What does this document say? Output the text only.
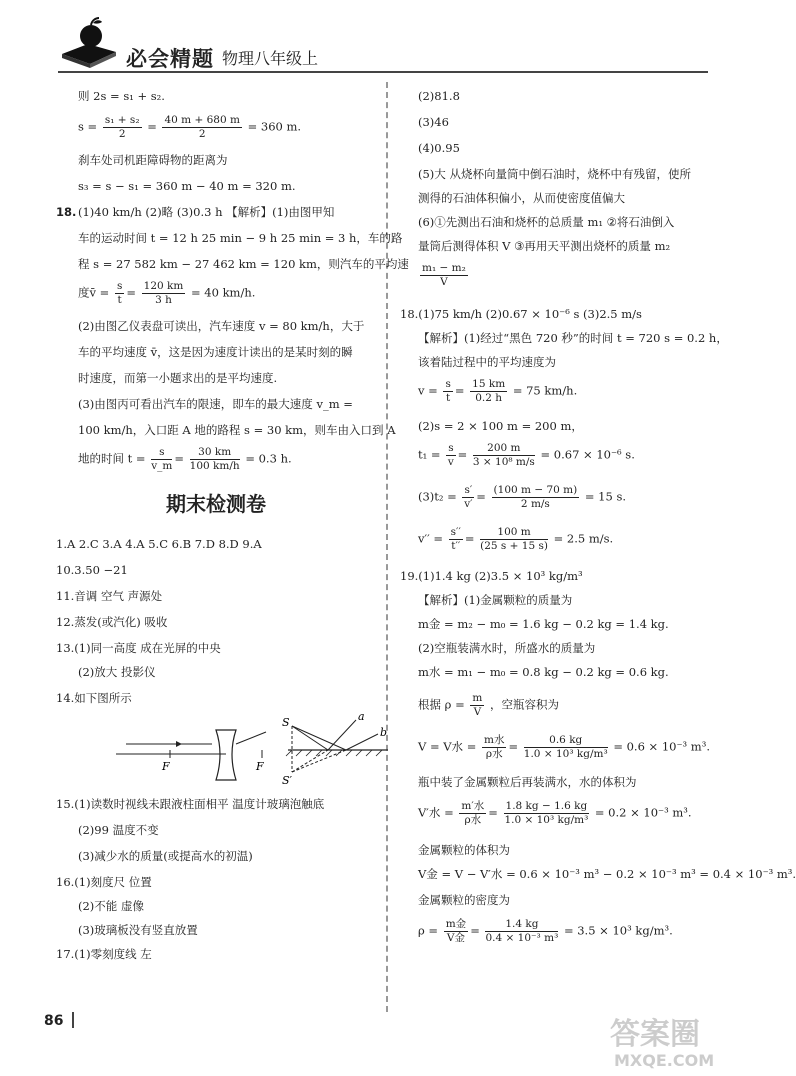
必会精题 物理八年级上
则 2s = s₁ + s₂.
$s = \frac{\text{s₁ + s₂}}{2} = \frac{40 m + 680 m}{2} = 360$ m.
刹车处司机距障碍物的距离为
s₃ = s − s₁ = 360 m − 40 m = 320 m.
18. (1)40 km/h (2)略 (3)0.3 h 【解析】(1)由图甲知
车的运动时间 t = 12 h 25 min − 9 h 25 min = 3 h，车的路
程 s = 27 582 km − 27 462 km = 120 km，则汽车的平均速
度v̄ = $\frac{s}{t} = \frac{120 km}{3 h} = 40$ km/h.
(2)由图乙仪表盘可读出，汽车速度 v = 80 km/h，大于
车的平均速度 v̄，这是因为速度计读出的是某时刻的瞬
时速度，而第一小题求出的是平均速度.
(3)由图丙可看出汽车的限速，即车的最大速度 v_m =
100 km/h，入口距 A 地的路程 s = 30 km，则车由入口到 A
地的时间 $t = \frac{s}{v\_m} = \frac{30 km}{100 km/h} = 0.3$ h.
期末检测卷
1.A 2.C 3.A 4.A 5.C 6.B 7.D 8.D 9.A
10.3.50 −21
11.音调 空气 声源处
12.蒸发(或汽化) 吸收
13.(1)同一高度 成在光屏的中央
(2)放大 投影仪
14.如下图所示
F	F
S
S′
a
b
15.(1)读数时视线未跟液柱面相平 温度计玻璃泡触底
(2)99 温度不变
(3)减少水的质量(或提高水的初温)
16.(1)刻度尺 位置
(2)不能 虚像
(3)玻璃板没有竖直放置
17.(1)零刻度线 左
(2)81.8
(3)46
(4)0.95
(5)大 从烧杯向量筒中倒石油时，烧杯中有残留，使所
测得的石油体积偏小，从而使密度值偏大
(6)①先测出石油和烧杯的总质量 m₁ ②将石油倒入
量筒后测得体积 V ③再用天平测出烧杯的质量 m₂
$\frac{\text{m₁ − m₂}}{V}$
18.(1)75 km/h (2)0.67 × 10⁻⁶ s (3)2.5 m/s
【解析】(1)经过“黑色 720 秒”的时间 t = 720 s = 0.2 h，
该着陆过程中的平均速度为
$v = \frac{s}{t} = \frac{15 km}{0.2 h} = 75$ km/h.
(2)s = 2 × 100 m = 200 m，
$t_1 = \frac{s}{v} = \frac{200 m}{\text{3 × 10⁸ m/s}} = 0.67 \times 10^{-6}$ s.
$(3)t_2 = \frac{s'}{v'} = \frac{(100 m - 70 m)}{2 m/s} = 15$ s.
$v'' = \frac{s''}{t''} = \frac{100 m}{(25 s + 15 s)} = 2.5$ m/s.
19.(1)1.4 kg (2)3.5 × 10³ kg/m³
【解析】(1)金属颗粒的质量为
m金 = m₂ − m₀ = 1.6 kg − 0.2 kg = 1.4 kg.
(2)空瓶装满水时，所盛水的质量为
m水 = m₁ − m₀ = 0.8 kg − 0.2 kg = 0.6 kg.
根据 $\rho = \frac{m}{V}$ ，空瓶容积为
V = V水 = $\frac{\text{m水}}{\text{ρ水}} = \frac{0.6 kg}{\text{1.0 × 10³ kg/m³}} = 0.6 \times 10^{-3}$ m³.
瓶中装了金属颗粒后再装满水，水的体积为
V′水 = $\frac{\text{m′水}}{\text{ρ水}} = \frac{1.8 kg - 1.6 kg}{\text{1.0 × 10³ kg/m³}} = 0.2 \times 10^{-3}$ m³.
金属颗粒的体积为
V金 = V − V′水 = 0.6 × 10⁻³ m³ − 0.2 × 10⁻³ m³ = 0.4 × 10⁻³ m³.
金属颗粒的密度为
$\rho = \frac{\text{m金}}{\text{V金}} = \frac{1.4 kg}{\text{0.4 × 10⁻³ m³}} = 3.5 \times 10^3$ kg/m³.
86	答案圈
MXQE.COM
